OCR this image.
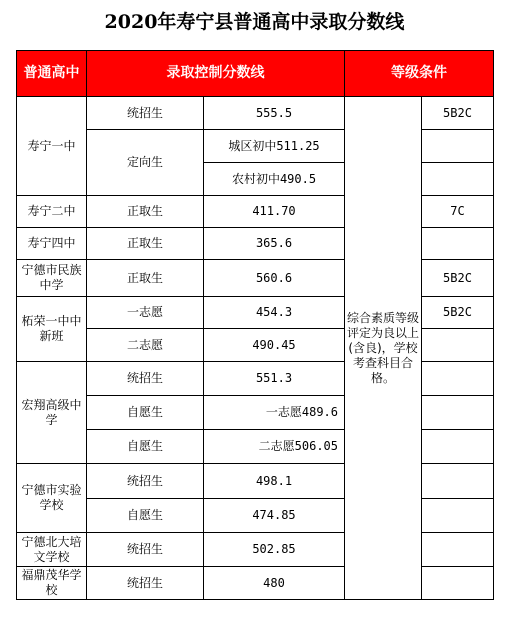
2020年寿宁县普通高中录取分数线
普通高中	录取控制分数线		等级条件	
寿宁一中	统招生	555.5	综合素质等级评定为良以上(含良)，学校考查科目合格。	5B2C
	定向生	城区初中511.25		
		农村初中490.5		
寿宁二中	正取生	411.70		7C
寿宁四中	正取生	365.6		
宁德市民族中学	正取生	560.6		5B2C
柘荣一中中新班	一志愿	454.3		5B2C
	二志愿	490.45		
宏翔高级中学	统招生	551.3		
	自愿生	一志愿489.6		
	自愿生	二志愿506.05		
宁德市实验学校	统招生	498.1		
	自愿生	474.85		
宁德北大培文学校	统招生	502.85		
福鼎茂华学校	统招生	480		
